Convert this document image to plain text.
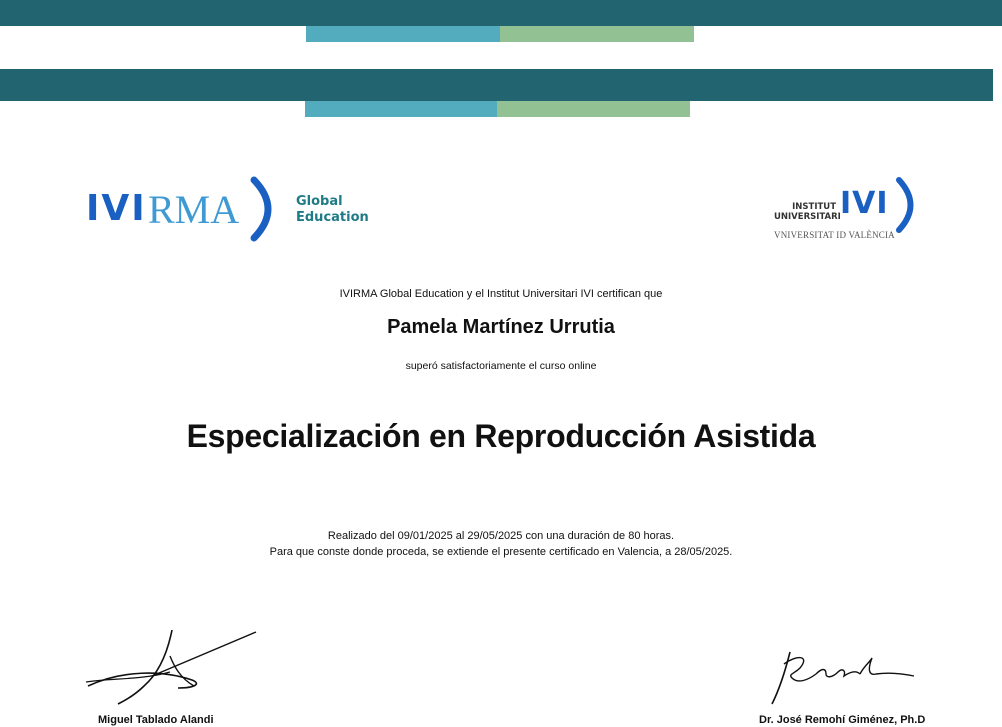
IVI RMA	Global
Education
INSTITUT
UNIVERSITARI IVI
VNIVERSITAT ID VALÈNCIA
IVIRMA Global Education y el Institut Universitari IVI certifican que
Pamela Martínez Urrutia
superó satisfactoriamente el curso online
Especialización en Reproducción Asistida
Realizado del 09/01/2025 al 29/05/2025 con una duración de 80 horas.
Para que conste donde proceda, se extiende el presente certificado en Valencia, a 28/05/2025.
Miguel Tablado Alandi	Dr. José Remohí Giménez, Ph.D
